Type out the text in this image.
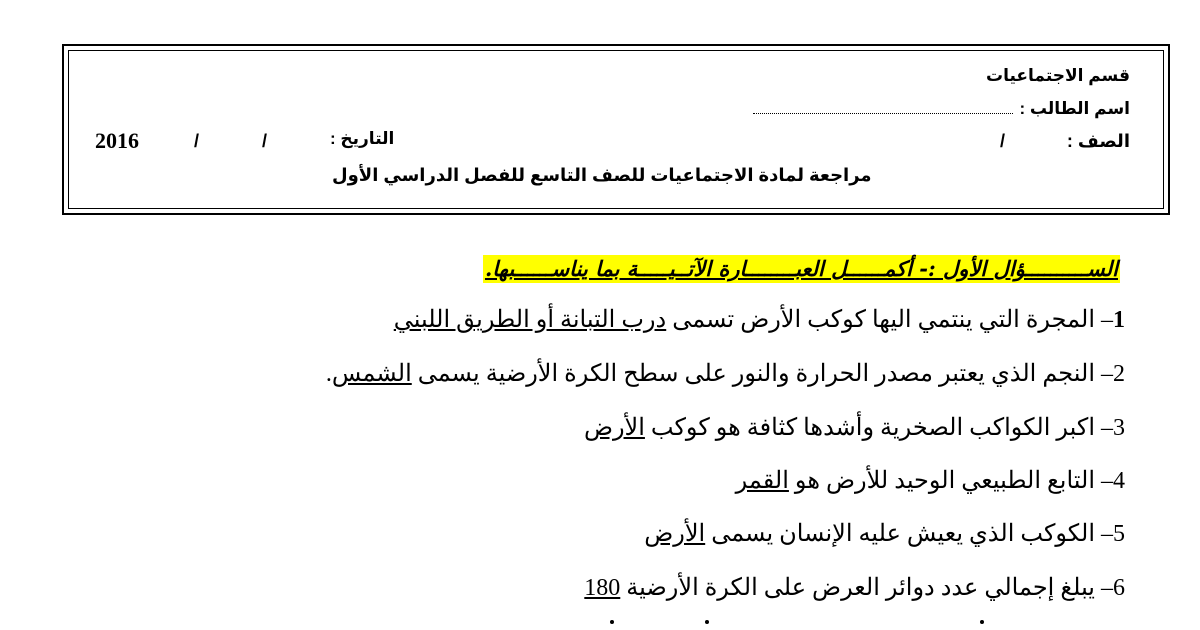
قسم الاجتماعيات
اسم الطالب :
الصف :
/
التاريخ :
/
/
2016
مراجعة لمادة الاجتماعيات للصف التاسع للفصل الدراسي الأول
الســــــــــؤال الأول :- أكمــــــل العبــــــــارة الآتــيـــــة بما يناســــــبها.
1– المجرة التي ينتمي اليها كوكب الأرض تسمى درب التبانة أو الطريق اللبني
2– النجم الذي يعتبر مصدر الحرارة والنور على سطح الكرة الأرضية يسمى الشمس.
3– اكبر الكواكب الصخرية وأشدها كثافة هو كوكب الأرض
4– التابع الطبيعي الوحيد للأرض هو القمر
5– الكوكب الذي يعيش عليه الإنسان يسمى الأرض
6– يبلغ إجمالي عدد دوائر العرض على الكرة الأرضية 180
